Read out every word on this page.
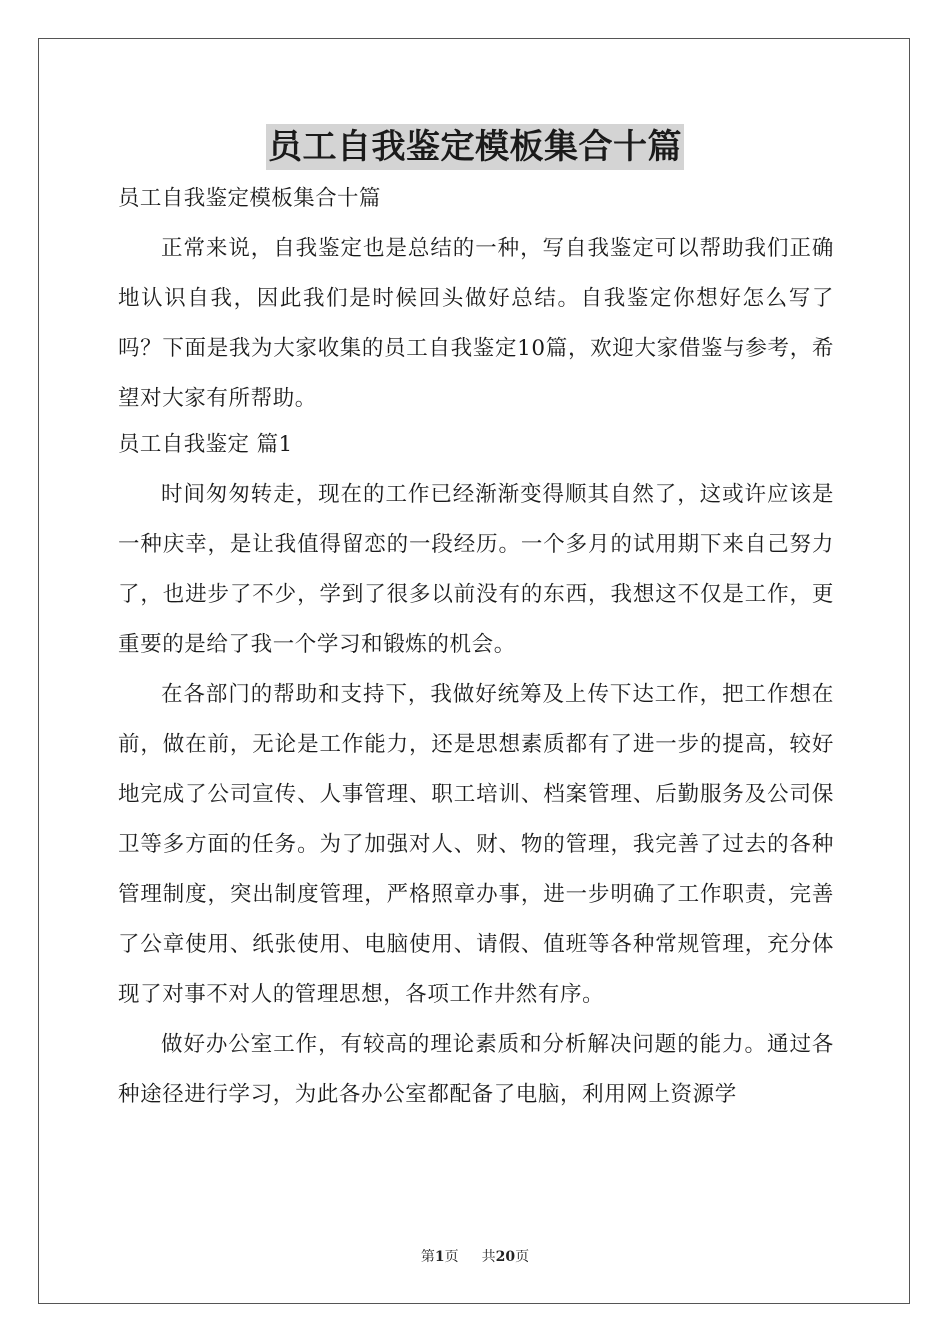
员工自我鉴定模板集合十篇

员工自我鉴定模板集合十篇

正常来说，自我鉴定也是总结的一种，写自我鉴定可以帮助我们正确地认识自我，因此我们是时候回头做好总结。自我鉴定你想好怎么写了吗？下面是我为大家收集的员工自我鉴定10篇，欢迎大家借鉴与参考，希望对大家有所帮助。

员工自我鉴定 篇1

时间匆匆转走，现在的工作已经渐渐变得顺其自然了，这或许应该是一种庆幸，是让我值得留恋的一段经历。一个多月的试用期下来自己努力了，也进步了不少，学到了很多以前没有的东西，我想这不仅是工作，更重要的是给了我一个学习和锻炼的机会。

在各部门的帮助和支持下，我做好统筹及上传下达工作，把工作想在前，做在前，无论是工作能力，还是思想素质都有了进一步的提高，较好地完成了公司宣传、人事管理、职工培训、档案管理、后勤服务及公司保卫等多方面的任务。为了加强对人、财、物的管理，我完善了过去的各种管理制度，突出制度管理，严格照章办事，进一步明确了工作职责，完善了公章使用、纸张使用、电脑使用、请假、值班等各种常规管理，充分体现了对事不对人的管理思想，各项工作井然有序。

做好办公室工作，有较高的理论素质和分析解决问题的能力。通过各种途径进行学习，为此各办公室都配备了电脑，利用网上资源学

第1页 共20页
